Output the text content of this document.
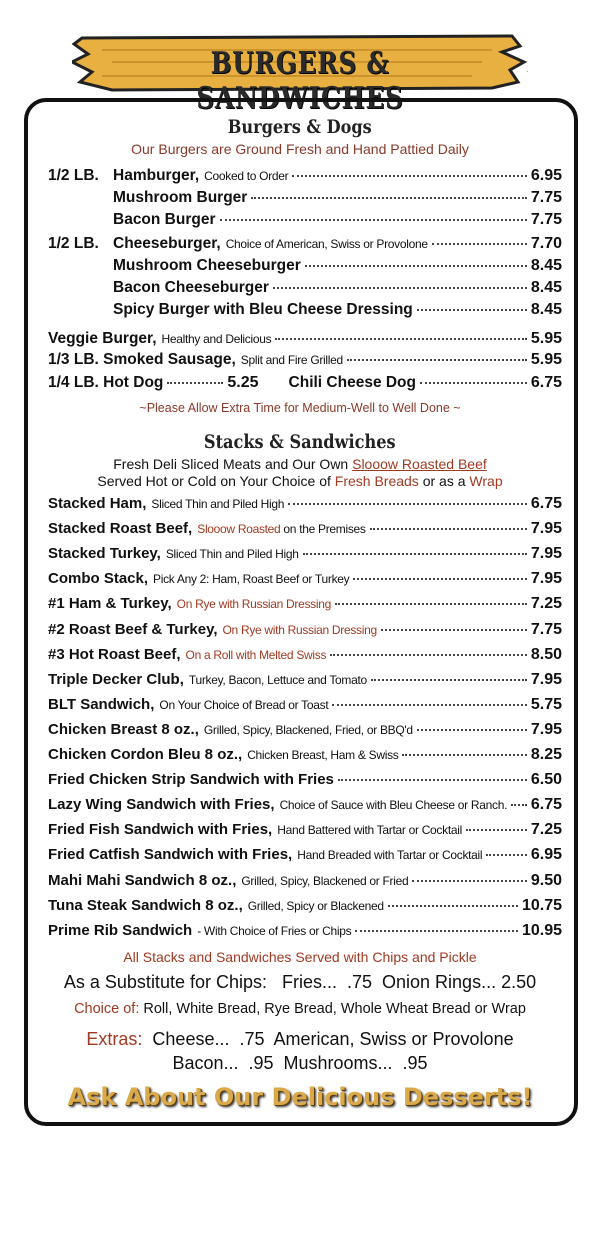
BURGERS & SANDWICHES
Burgers & Dogs
Our Burgers are Ground Fresh and Hand Pattied Daily
1/2 LB. Hamburger, Cooked to Order	6.95
Mushroom Burger	7.75
Bacon Burger	7.75
1/2 LB. Cheeseburger, Choice of American, Swiss or Provolone	7.70
Mushroom Cheeseburger	8.45
Bacon Cheeseburger	8.45
Spicy Burger with Bleu Cheese Dressing	8.45
Veggie Burger, Healthy and Delicious	5.95
1/3 LB. Smoked Sausage, Split and Fire Grilled	5.95
1/4 LB. Hot Dog	5.25 Chili Cheese Dog	6.75
~Please Allow Extra Time for Medium-Well to Well Done ~
Stacks & Sandwiches
Fresh Deli Sliced Meats and Our Own Slooow Roasted Beef
Served Hot or Cold on Your Choice of Fresh Breads or as a Wrap
Stacked Ham, Sliced Thin and Piled High	6.75
Stacked Roast Beef, Slooow Roasted on the Premises	7.95
Stacked Turkey, Sliced Thin and Piled High	7.95
Combo Stack, Pick Any 2: Ham, Roast Beef or Turkey	7.95
#1 Ham & Turkey, On Rye with Russian Dressing	7.25
#2 Roast Beef & Turkey, On Rye with Russian Dressing	7.75
#3 Hot Roast Beef, On a Roll with Melted Swiss	8.50
Triple Decker Club, Turkey, Bacon, Lettuce and Tomato	7.95
BLT Sandwich, On Your Choice of Bread or Toast	5.75
Chicken Breast 8 oz., Grilled, Spicy, Blackened, Fried, or BBQ'd	7.95
Chicken Cordon Bleu 8 oz., Chicken Breast, Ham & Swiss	8.25
Fried Chicken Strip Sandwich with Fries	6.50
Lazy Wing Sandwich with Fries, Choice of Sauce with Bleu Cheese or Ranch. 6.75
Fried Fish Sandwich with Fries, Hand Battered with Tartar or Cocktail	7.25
Fried Catfish Sandwich with Fries, Hand Breaded with Tartar or Cocktail	6.95
Mahi Mahi Sandwich 8 oz., Grilled, Spicy, Blackened or Fried	9.50
Tuna Steak Sandwich 8 oz., Grilled, Spicy or Blackened	10.75
Prime Rib Sandwich - With Choice of Fries or Chips	10.95
All Stacks and Sandwiches Served with Chips and Pickle
As a Substitute for Chips:   Fries...  .75  Onion Rings... 2.50
Choice of: Roll, White Bread, Rye Bread, Whole Wheat Bread or Wrap
Extras:  Cheese...  .75  American, Swiss or Provolone
Bacon...  .95  Mushrooms...  .95
Ask About Our Delicious Desserts!
